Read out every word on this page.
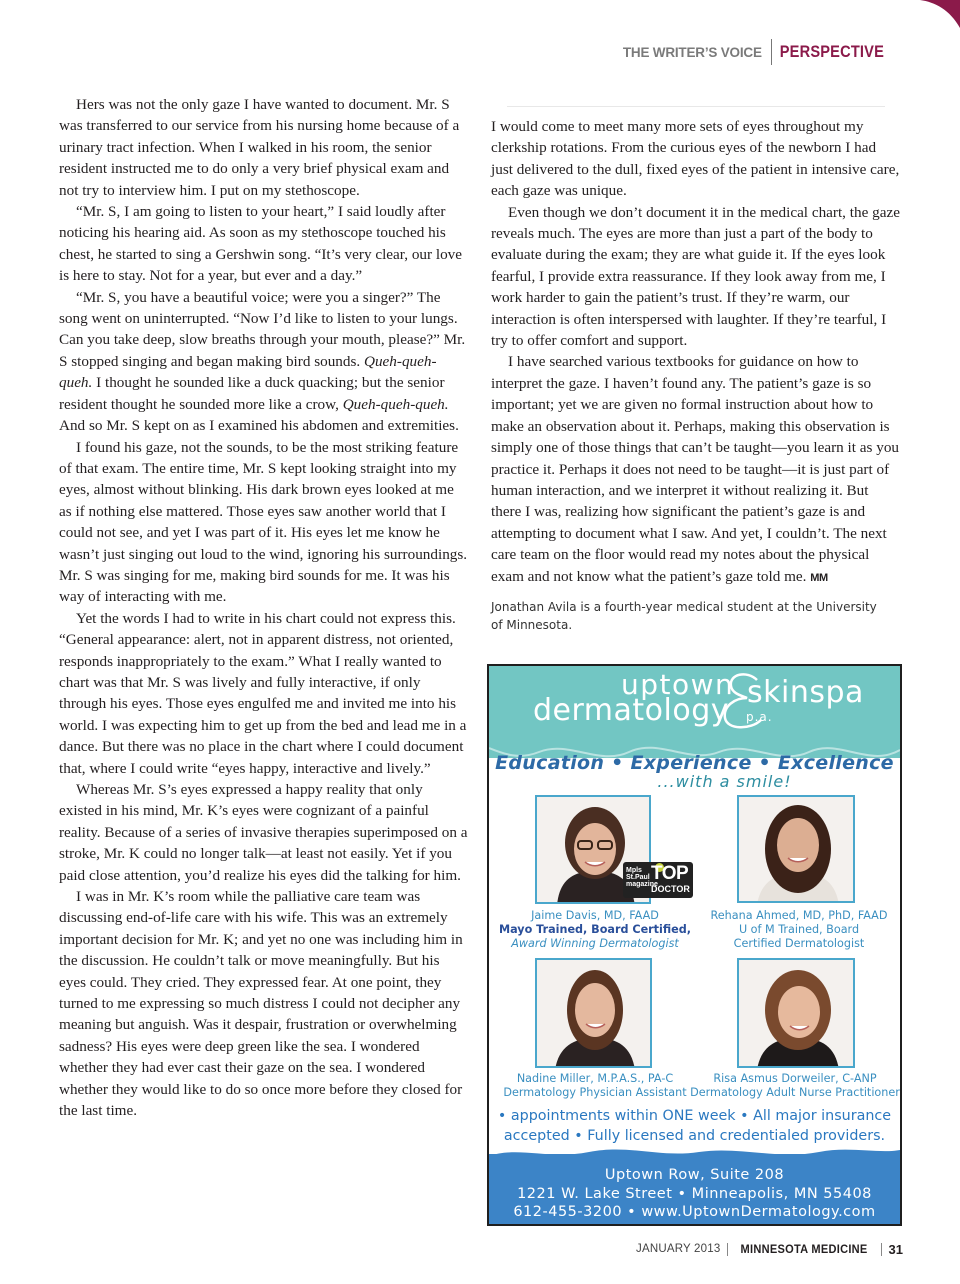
THE WRITER’S VOICE	PERSPECTIVE

Hers was not the only gaze I have wanted to document. Mr. S was transferred to our service from his nursing home because of a urinary tract infection. When I walked in his room, the senior resident instructed me to do only a very brief physical exam and not try to interview him. I put on my stethoscope.

“Mr. S, I am going to listen to your heart,” I said loudly after noticing his hearing aid. As soon as my stethoscope touched his chest, he started to sing a Gershwin song. “It’s very clear, our love is here to stay. Not for a year, but ever and a day.”

“Mr. S, you have a beautiful voice; were you a singer?” The song went on uninterrupted. “Now I’d like to listen to your lungs. Can you take deep, slow breaths through your mouth, please?” Mr. S stopped singing and began making bird sounds. Queh-queh-queh. I thought he sounded like a duck quacking; but the senior resident thought he sounded more like a crow, Queh-queh-queh. And so Mr. S kept on as I examined his abdomen and extremities.

I found his gaze, not the sounds, to be the most striking feature of that exam. The entire time, Mr. S kept looking straight into my eyes, almost without blinking. His dark brown eyes looked at me as if nothing else mattered. Those eyes saw another world that I could not see, and yet I was part of it. His eyes let me know he wasn’t just singing out loud to the wind, ignoring his surroundings. Mr. S was singing for me, making bird sounds for me. It was his way of interacting with me.

Yet the words I had to write in his chart could not express this. “General appearance: alert, not in apparent distress, not oriented, responds inappropriately to the exam.” What I really wanted to chart was that Mr. S was lively and fully interactive, if only through his eyes. Those eyes engulfed me and invited me into his world. I was expecting him to get up from the bed and lead me in a dance. But there was no place in the chart where I could document that, where I could write “eyes happy, interactive and lively.”

Whereas Mr. S’s eyes expressed a happy reality that only existed in his mind, Mr. K’s eyes were cognizant of a painful reality. Because of a series of invasive therapies superimposed on a stroke, Mr. K could no longer talk—at least not easily. Yet if you paid close attention, you’d realize his eyes did the talking for him.

I was in Mr. K’s room while the palliative care team was discussing end-of-life care with his wife. This was an extremely important decision for Mr. K; and yet no one was including him in the discussion. He couldn’t talk or move meaningfully. But his eyes could. They cried. They expressed fear. At one point, they turned to me expressing so much distress I could not decipher any meaning but anguish. Was it despair, frustration or overwhelming sadness? His eyes were deep green like the sea. I wondered whether they had ever cast their gaze on the sea. I wondered whether they would like to do so once more before they closed for the last time.

I would come to meet many more sets of eyes throughout my clerkship rotations. From the curious eyes of the newborn I had just delivered to the dull, fixed eyes of the patient in intensive care, each gaze was unique.

Even though we don’t document it in the medical chart, the gaze reveals much. The eyes are more than just a part of the body to evaluate during the exam; they are what guide it. If the eyes look fearful, I provide extra reassurance. If they look away from me, I work harder to gain the patient’s trust. If they’re warm, our interaction is often interspersed with laughter. If they’re tearful, I try to offer comfort and support.

I have searched various textbooks for guidance on how to interpret the gaze. I haven’t found any. The patient’s gaze is so important; yet we are given no formal instruction about how to make an observation about it. Perhaps, making this observation is simply one of those things that can’t be taught—you learn it as you practice it. Perhaps it does not need to be taught—it is just part of human interaction, and we interpret it without realizing it. But there I was, realizing how significant the patient’s gaze is and attempting to document what I saw. And yet, I couldn’t. The next care team on the floor would read my notes about the physical exam and not know what the patient’s gaze told me. MM

Jonathan Avila is a fourth-year medical student at the University of Minnesota.
uptown
dermatology
skinspa
p.a.
Education • Experience • Excellence
...with a smile!
Mpls St.Paul magazine
TOP
DOCTOR
Jaime Davis, MD, FAAD
Mayo Trained, Board Certified,
Award Winning Dermatologist
Rehana Ahmed, MD, PhD, FAAD
U of M Trained, Board
Certified Dermatologist
Nadine Miller, M.P.A.S., PA-C
Dermatology Physician Assistant
Risa Asmus Dorweiler, C-ANP
Dermatology Adult Nurse Practitioner
• appointments within ONE week • All major insurance
accepted • Fully licensed and credentialed providers.
Uptown Row, Suite 208
1221 W. Lake Street • Minneapolis, MN 55408
612-455-3200 • www.UptownDermatology.com
JANUARY 2013 MINNESOTA MEDICINE 31
